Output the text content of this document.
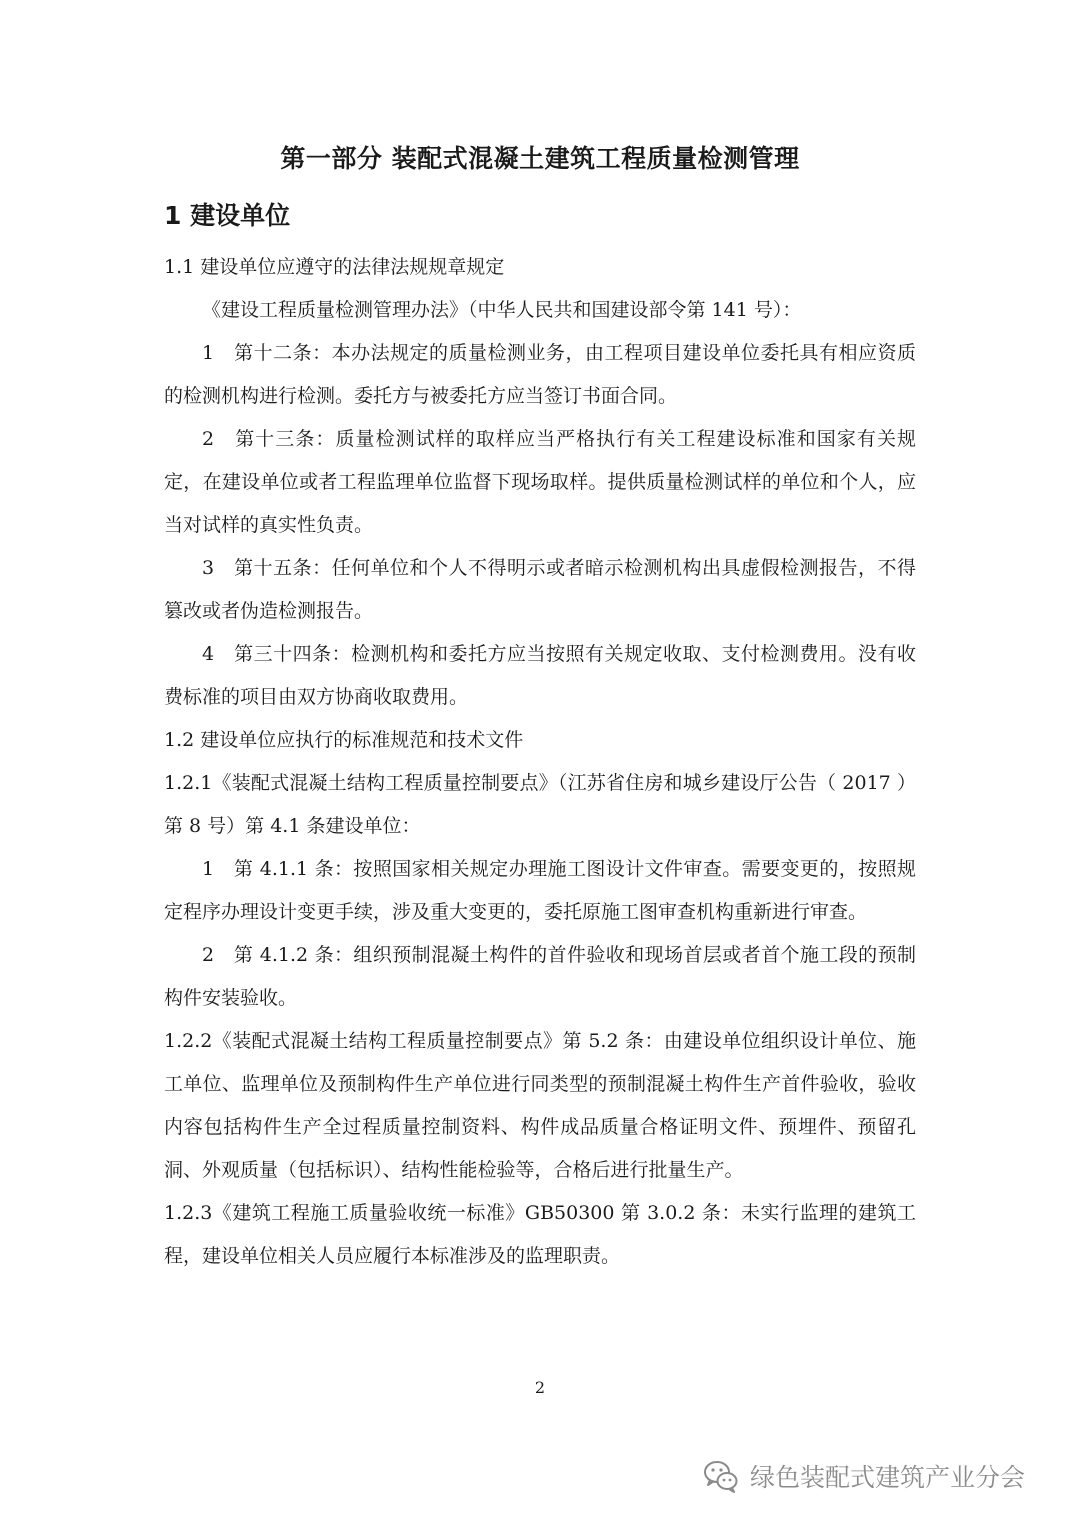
第一部分 装配式混凝土建筑工程质量检测管理
1 建设单位

1.1 建设单位应遵守的法律法规规章规定

《建设工程质量检测管理办法》（中华人民共和国建设部令第 141 号）：

1　第十二条：本办法规定的质量检测业务，由工程项目建设单位委托具有相应资质的检测机构进行检测。委托方与被委托方应当签订书面合同。

2　第十三条：质量检测试样的取样应当严格执行有关工程建设标准和国家有关规定，在建设单位或者工程监理单位监督下现场取样。提供质量检测试样的单位和个人，应当对试样的真实性负责。

3　第十五条：任何单位和个人不得明示或者暗示检测机构出具虚假检测报告，不得篡改或者伪造检测报告。

4　第三十四条：检测机构和委托方应当按照有关规定收取、支付检测费用。没有收费标准的项目由双方协商收取费用。

1.2 建设单位应执行的标准规范和技术文件

1.2.1《装配式混凝土结构工程质量控制要点》（江苏省住房和城乡建设厅公告（ 2017 ）第 8 号）第 4.1 条建设单位：

1　第 4.1.1 条：按照国家相关规定办理施工图设计文件审查。需要变更的，按照规定程序办理设计变更手续，涉及重大变更的，委托原施工图审查机构重新进行审查。

2　第 4.1.2 条：组织预制混凝土构件的首件验收和现场首层或者首个施工段的预制构件安装验收。

1.2.2《装配式混凝土结构工程质量控制要点》第 5.2 条：由建设单位组织设计单位、施工单位、监理单位及预制构件生产单位进行同类型的预制混凝土构件生产首件验收，验收内容包括构件生产全过程质量控制资料、构件成品质量合格证明文件、预埋件、预留孔洞、外观质量（包括标识）、结构性能检验等，合格后进行批量生产。

1.2.3《建筑工程施工质量验收统一标准》GB50300 第 3.0.2 条：未实行监理的建筑工程，建设单位相关人员应履行本标准涉及的监理职责。

2
绿色装配式建筑产业分会
